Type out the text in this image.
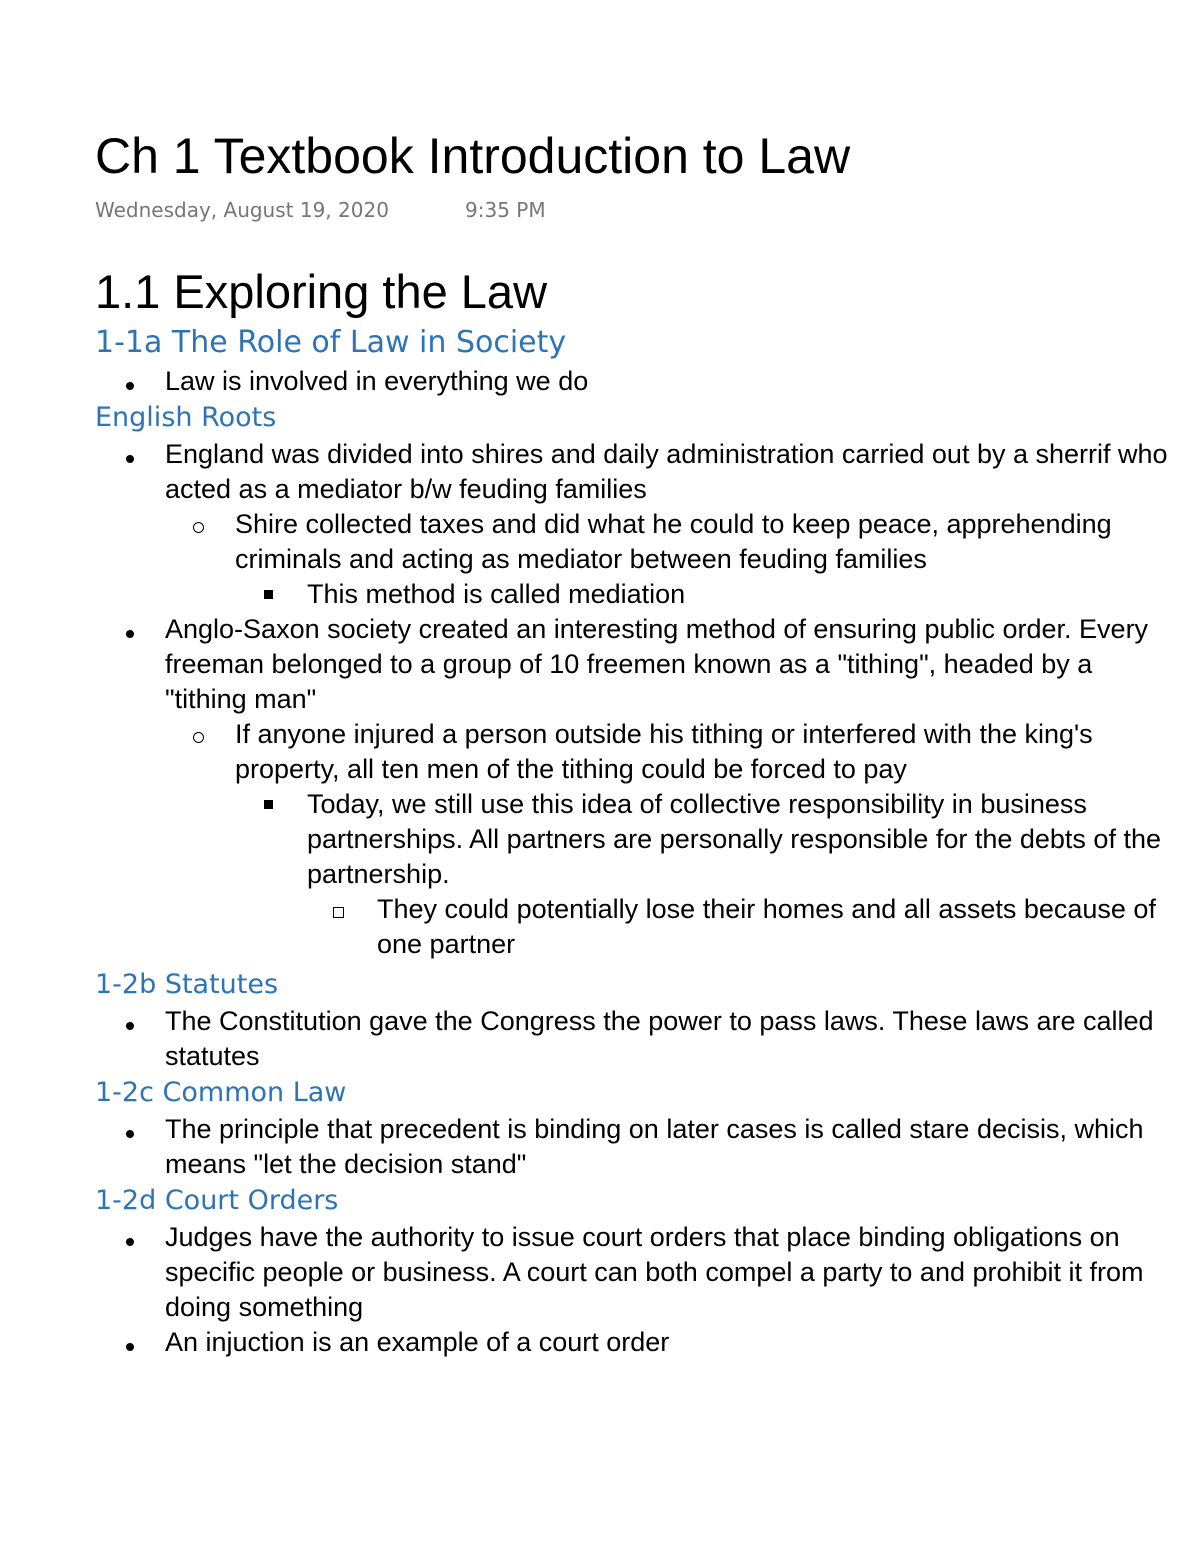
Ch 1 Textbook Introduction to Law
Wednesday, August 19, 2020	9:35 PM
1.1 Exploring the Law
1-1a The Role of Law in Society
Law is involved in everything we do
English Roots
England was divided into shires and daily administration carried out by a sherrif who acted as a mediator b/w feuding families
Shire collected taxes and did what he could to keep peace, apprehending criminals and acting as mediator between feuding families
This method is called mediation
Anglo-Saxon society created an interesting method of ensuring public order. Every freeman belonged to a group of 10 freemen known as a "tithing", headed by a "tithing man"
If anyone injured a person outside his tithing or interfered with the king's property, all ten men of the tithing could be forced to pay
Today, we still use this idea of collective responsibility in business partnerships. All partners are personally responsible for the debts of the partnership.
They could potentially lose their homes and all assets because of one partner
1-2b Statutes
The Constitution gave the Congress the power to pass laws. These laws are called statutes
1-2c Common Law
The principle that precedent is binding on later cases is called stare decisis, which means "let the decision stand"
1-2d Court Orders
Judges have the authority to issue court orders that place binding obligations on specific people or business. A court can both compel a party to and prohibit it from doing something
An injuction is an example of a court order
